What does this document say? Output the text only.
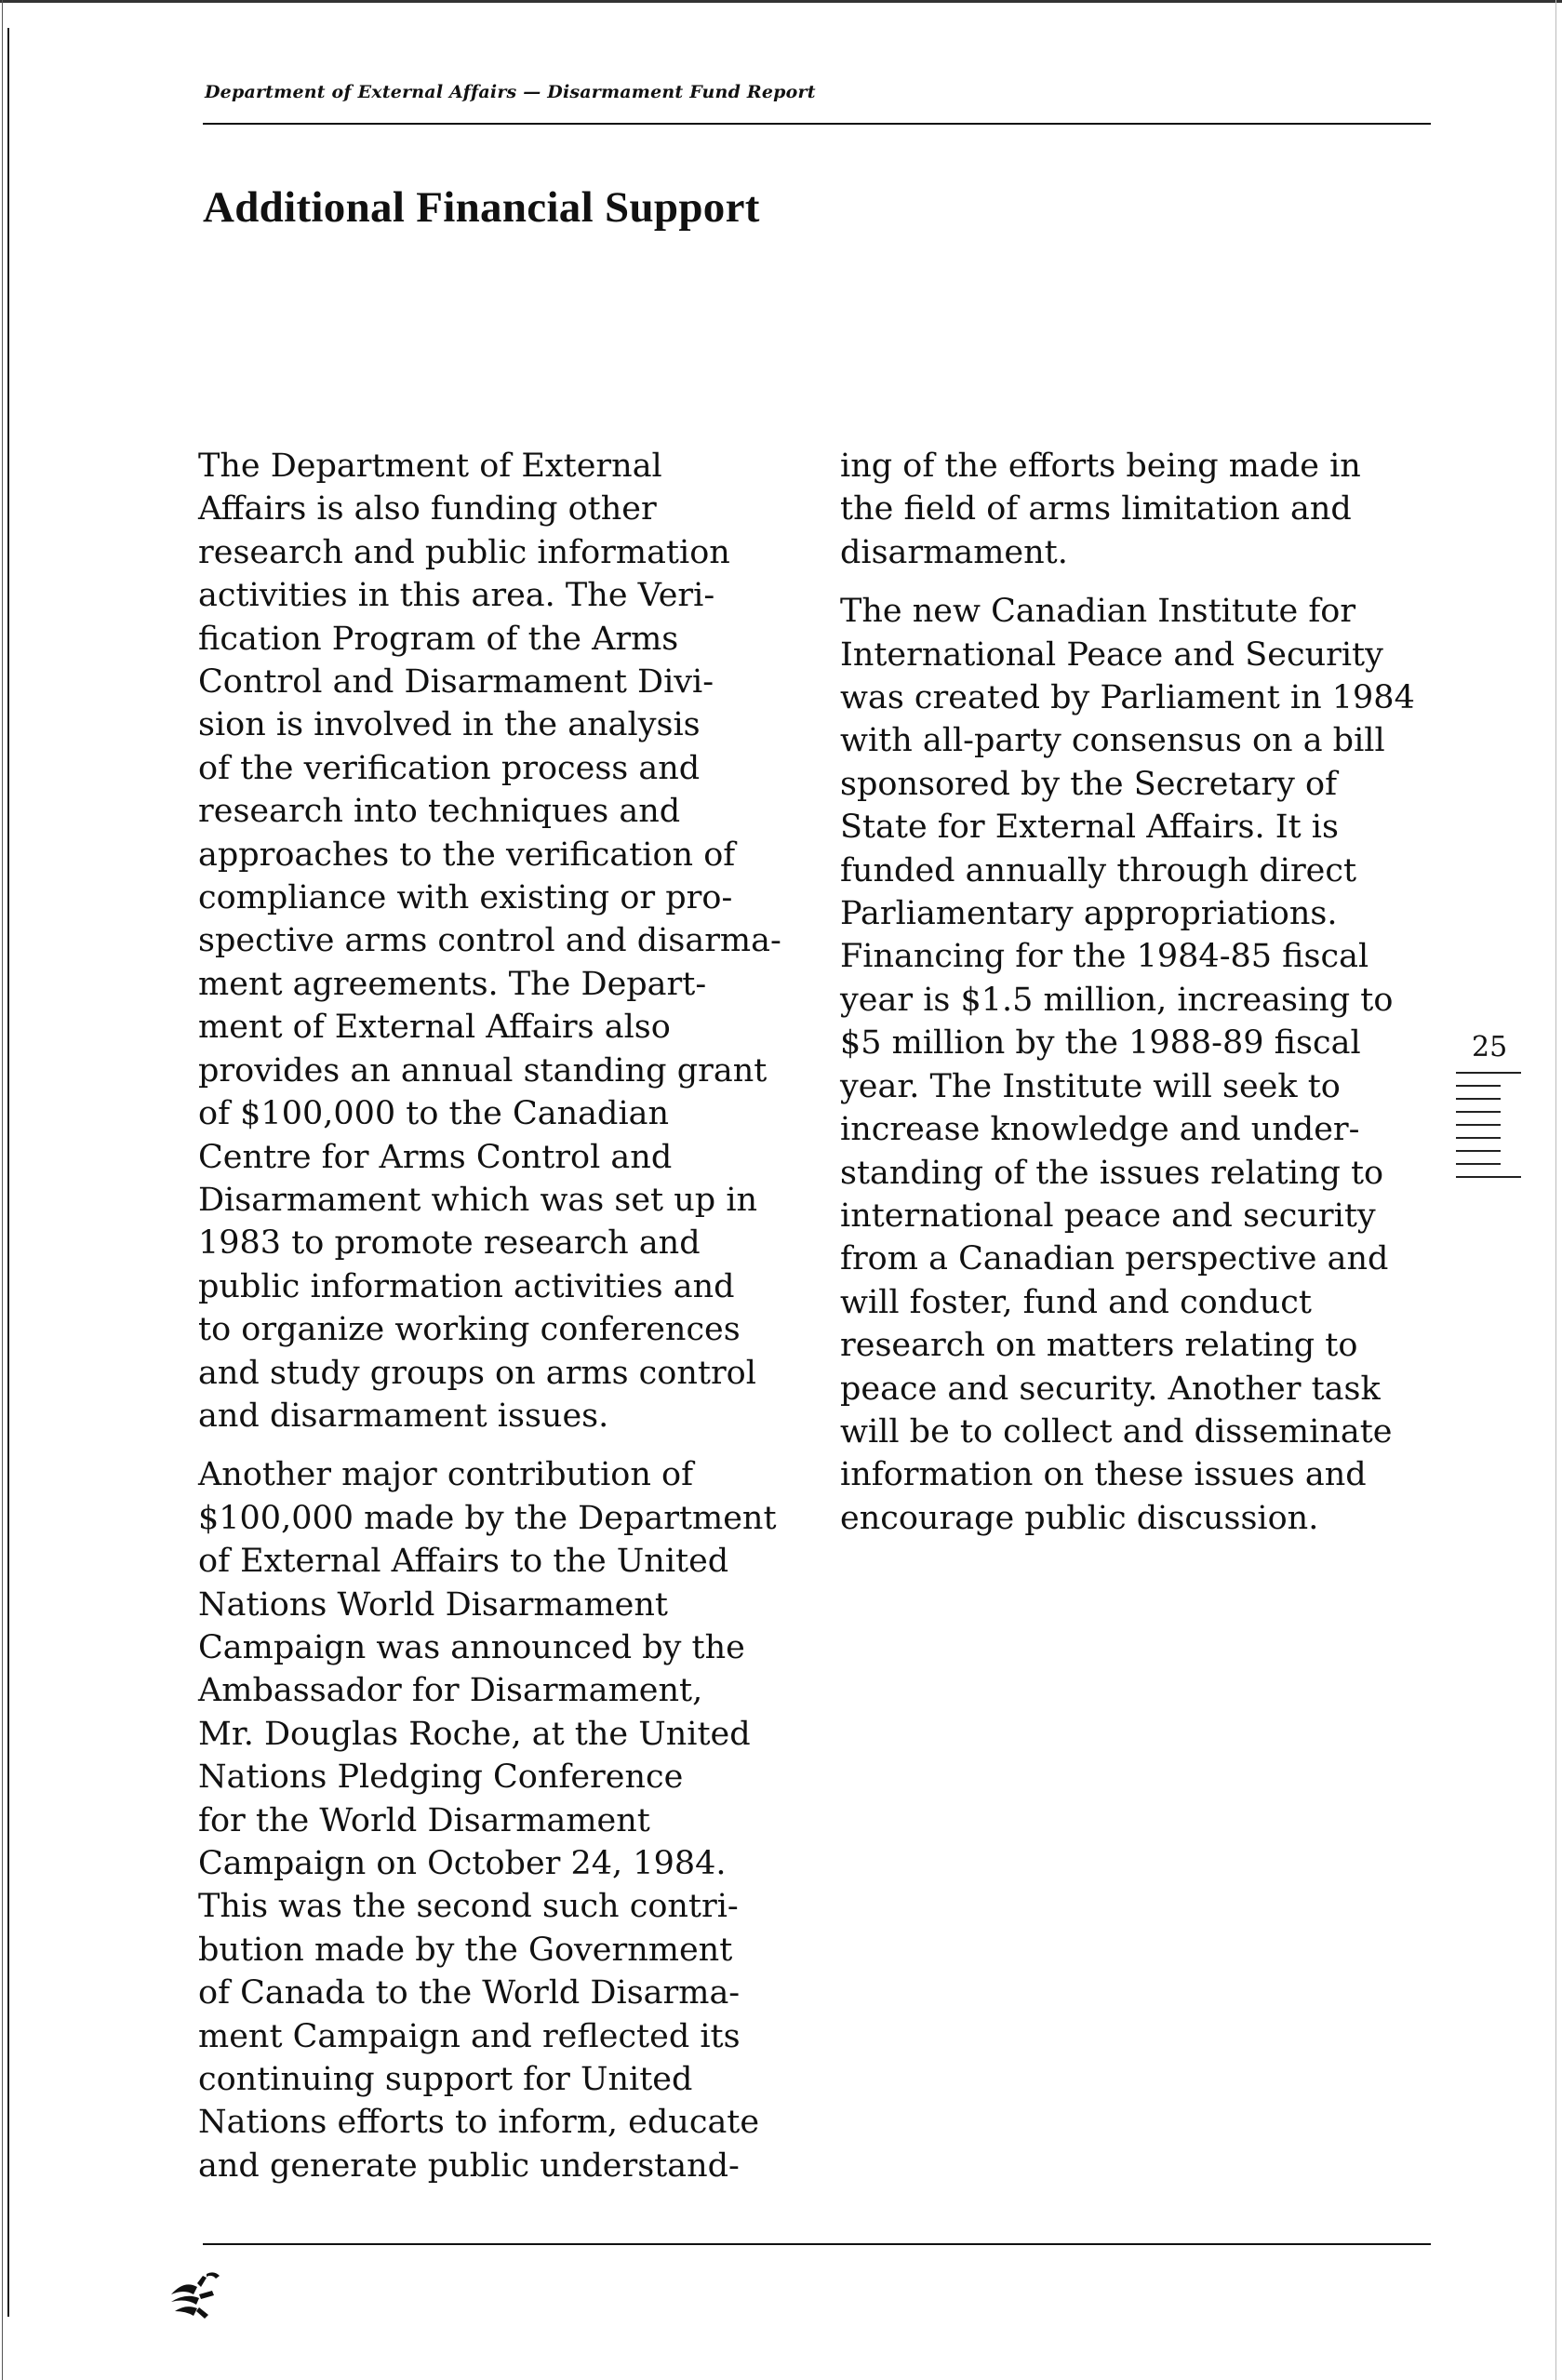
Department of External Affairs — Disarmament Fund Report
Additional Financial Support

The Department of External
Affairs is also funding other
research and public information
activities in this area. The Veri-
fication Program of the Arms
Control and Disarmament Divi-
sion is involved in the analysis
of the verification process and
research into techniques and
approaches to the verification of
compliance with existing or pro-
spective arms control and disarma-
ment agreements. The Depart-
ment of External Affairs also
provides an annual standing grant
of $100,000 to the Canadian
Centre for Arms Control and
Disarmament which was set up in
1983 to promote research and
public information activities and
to organize working conferences
and study groups on arms control
and disarmament issues.

Another major contribution of
$100,000 made by the Department
of External Affairs to the United
Nations World Disarmament
Campaign was announced by the
Ambassador for Disarmament,
Mr. Douglas Roche, at the United
Nations Pledging Conference
for the World Disarmament
Campaign on October 24, 1984.
This was the second such contri-
bution made by the Government
of Canada to the World Disarma-
ment Campaign and reflected its
continuing support for United
Nations efforts to inform, educate
and generate public understand-

ing of the efforts being made in
the field of arms limitation and
disarmament.

The new Canadian Institute for
International Peace and Security
was created by Parliament in 1984
with all-party consensus on a bill
sponsored by the Secretary of
State for External Affairs. It is
funded annually through direct
Parliamentary appropriations.
Financing for the 1984-85 fiscal
year is $1.5 million, increasing to
$5 million by the 1988-89 fiscal
year. The Institute will seek to
increase knowledge and under-
standing of the issues relating to
international peace and security
from a Canadian perspective and
will foster, fund and conduct
research on matters relating to
peace and security. Another task
will be to collect and disseminate
information on these issues and
encourage public discussion.

25
